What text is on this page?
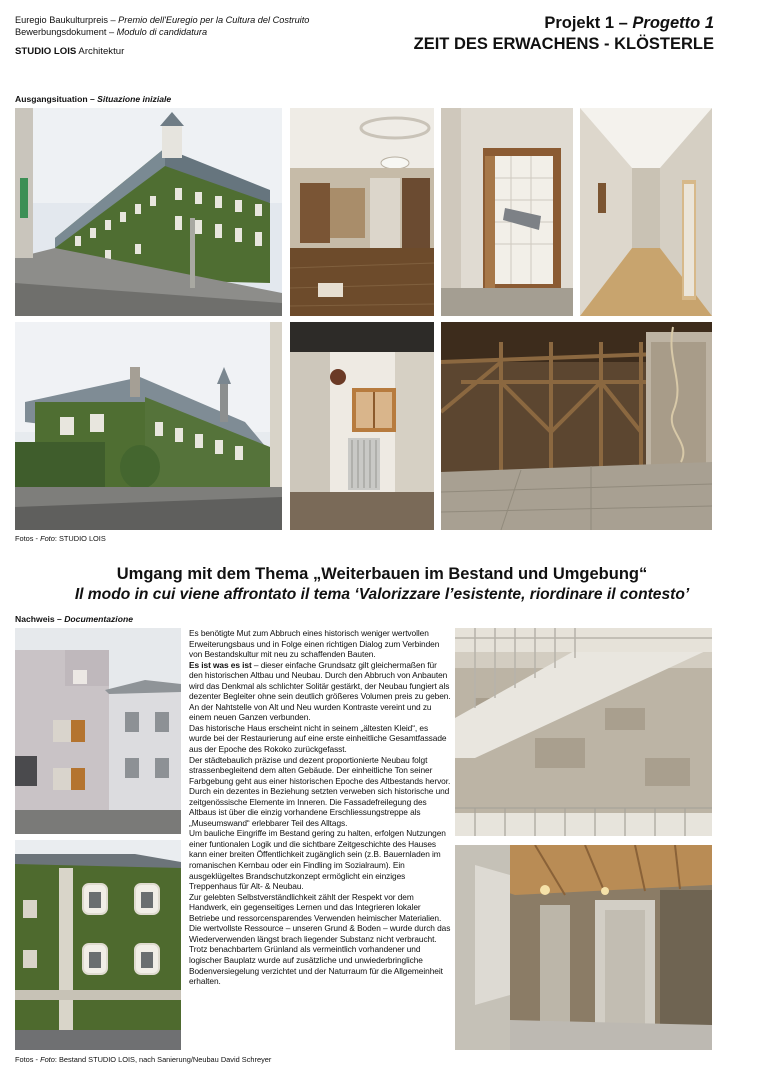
Euregio Baukulturpreis – Premio dell'Euregio per la Cultura del Costruito
Bewerbungsdokument – Modulo di candidatura
STUDIO LOIS Architektur
Projekt 1 – Progetto 1
ZEIT DES ERWACHENS - KLÖSTERLE
Ausgangsituation – Situazione iniziale
Fotos - Foto: STUDIO LOIS
Umgang mit dem Thema „Weiterbauen im Bestand und Umgebung“
Il modo in cui viene affrontato il tema ‘Valorizzare l’esistente, riordinare il contesto’
Nachweis – Documentazione

Es benötigte Mut zum Abbruch eines historisch weniger wertvollen Erweiterungsbaus und in Folge einen richtigen Dialog zum Verbinden von Bestandskultur mit neu zu schaffenden Bauten.

Es ist was es ist – dieser einfache Grundsatz gilt gleichermaßen für den historischen Altbau und Neubau. Durch den Abbruch von Anbauten wird das Denkmal als schlichter Solitär gestärkt, der Neubau fungiert als dezenter Begleiter ohne sein deutlich größeres Volumen preis zu geben. An der Nahtstelle von Alt und Neu wurden Kontraste vereint und zu einem neuen Ganzen verbunden.

Das historische Haus erscheint nicht in seinem „ältesten Kleid“, es wurde bei der Restaurierung auf eine erste einheitliche Gesamtfassade aus der Epoche des Rokoko zurückgefasst.

Der städtebaulich präzise und dezent proportionierte Neubau folgt strassenbegleitend dem alten Gebäude. Der einheitliche Ton seiner Farbgebung geht aus einer historischen Epoche des Altbestands hervor.

Durch ein dezentes in Beziehung setzten verweben sich historische und zeitgenössische Elemente im Inneren. Die Fassadefreilegung des Altbaus ist über die einzig vorhandene Erschliessungstreppe als „Museumswand“ erlebbarer Teil des Alltags.

Um bauliche Eingriffe im Bestand gering zu halten, erfolgen Nutzungen einer funtionalen Logik und die sichtbare Zeitgeschichte des Hauses kann einer breiten Öffentlichkeit zugänglich sein (z.B. Bauernladen im romanischen Kernbau oder ein Findling im Sozialraum). Ein ausgeklügeltes Brandschutzkonzept ermöglicht ein einziges Treppenhaus für Alt- & Neubau.

Zur gelebten Selbstverständlichkeit zählt der Respekt vor dem Handwerk, ein gegenseitiges Lernen und das Integrieren lokaler Betriebe und ressorcensparendes Verwenden heimischer Materialien.

Die wertvollste Ressource – unseren Grund & Boden – wurde durch das Wiederverwenden längst brach liegender Substanz nicht verbraucht. Trotz benachbartem Grünland als vermeintlich vorhandener und logischer Bauplatz wurde auf zusätzliche und unwiederbringliche Bodenversiegelung verzichtet und der Naturraum für die Allgemeinheit erhalten.

Fotos - Foto: Bestand STUDIO LOIS, nach Sanierung/Neubau David Schreyer
